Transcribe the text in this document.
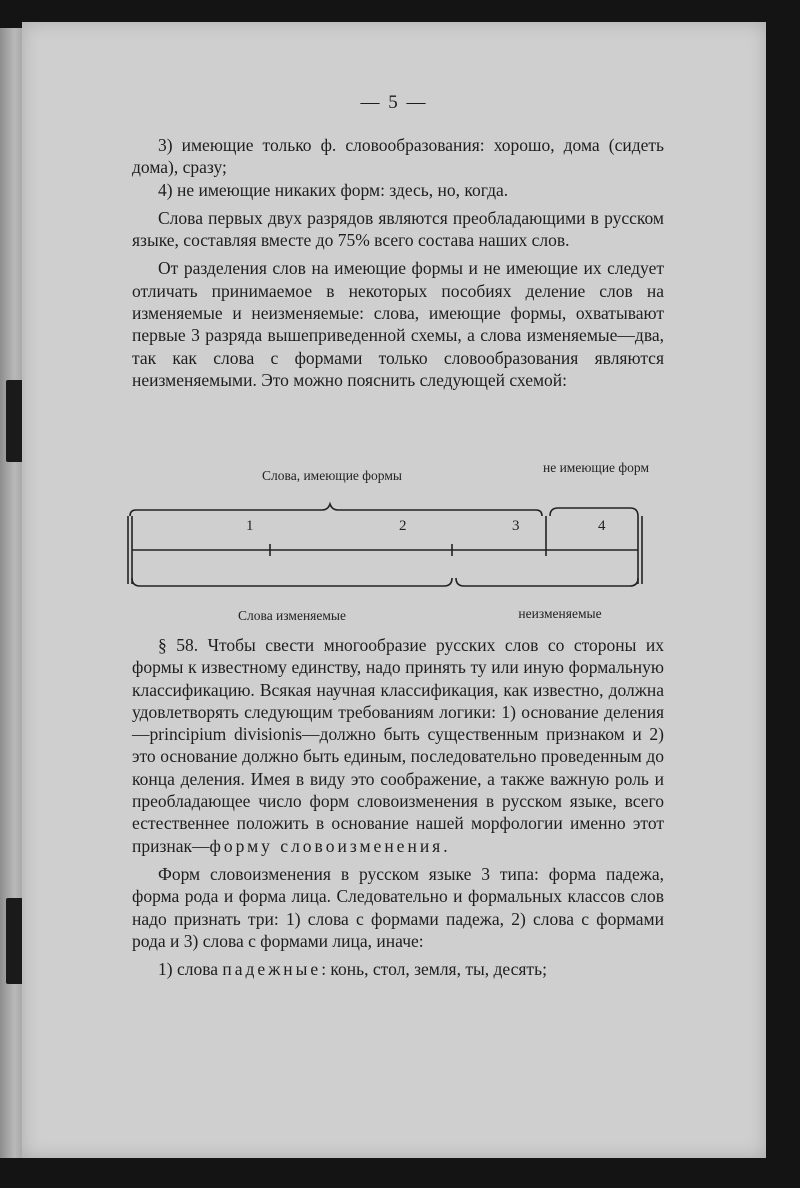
— 5 —

3) имеющие только ф. словообразования: хорошо, дома (сидеть дома), сразу;

4) не имеющие никаких форм: здесь, но, когда.

Слова первых двух разрядов являются преобладающими в русском языке, составляя вместе до 75% всего состава наших слов.

От разделения слов на имеющие формы и не имеющие их следует отличать принимаемое в некоторых пособиях деление слов на изменяемые и неизменяемые: слова, имеющие формы, охватывают первые 3 разряда вышеприведенной схемы, а слова изменяемые—два, так как слова с формами только словообразования являются неизменяемыми. Это можно пояснить следующей схемой:

Слова, имеющие формы
не имеющие форм
1	2	3	4
Слова изменяемые	неизменяемые

§ 58. Чтобы свести многообразие русских слов со стороны их формы к известному единству, надо принять ту или иную формальную классификацию. Всякая научная классификация, как известно, должна удовлетворять следующим требованиям логики: 1) основание деления—principium divisionis—должно быть существенным признаком и 2) это основание должно быть единым, последовательно проведенным до конца деления. Имея в виду это соображение, а также важную роль и преобладающее число форм словоизменения в русском языке, всего естественнее положить в основание нашей морфологии именно этот признак—форму словоизменения.

Форм словоизменения в русском языке 3 типа: форма падежа, форма рода и форма лица. Следовательно и формальных классов слов надо признать три: 1) слова с формами падежа, 2) слова с формами рода и 3) слова с формами лица, иначе:

1) слова падежные: конь, стол, земля, ты, десять;
